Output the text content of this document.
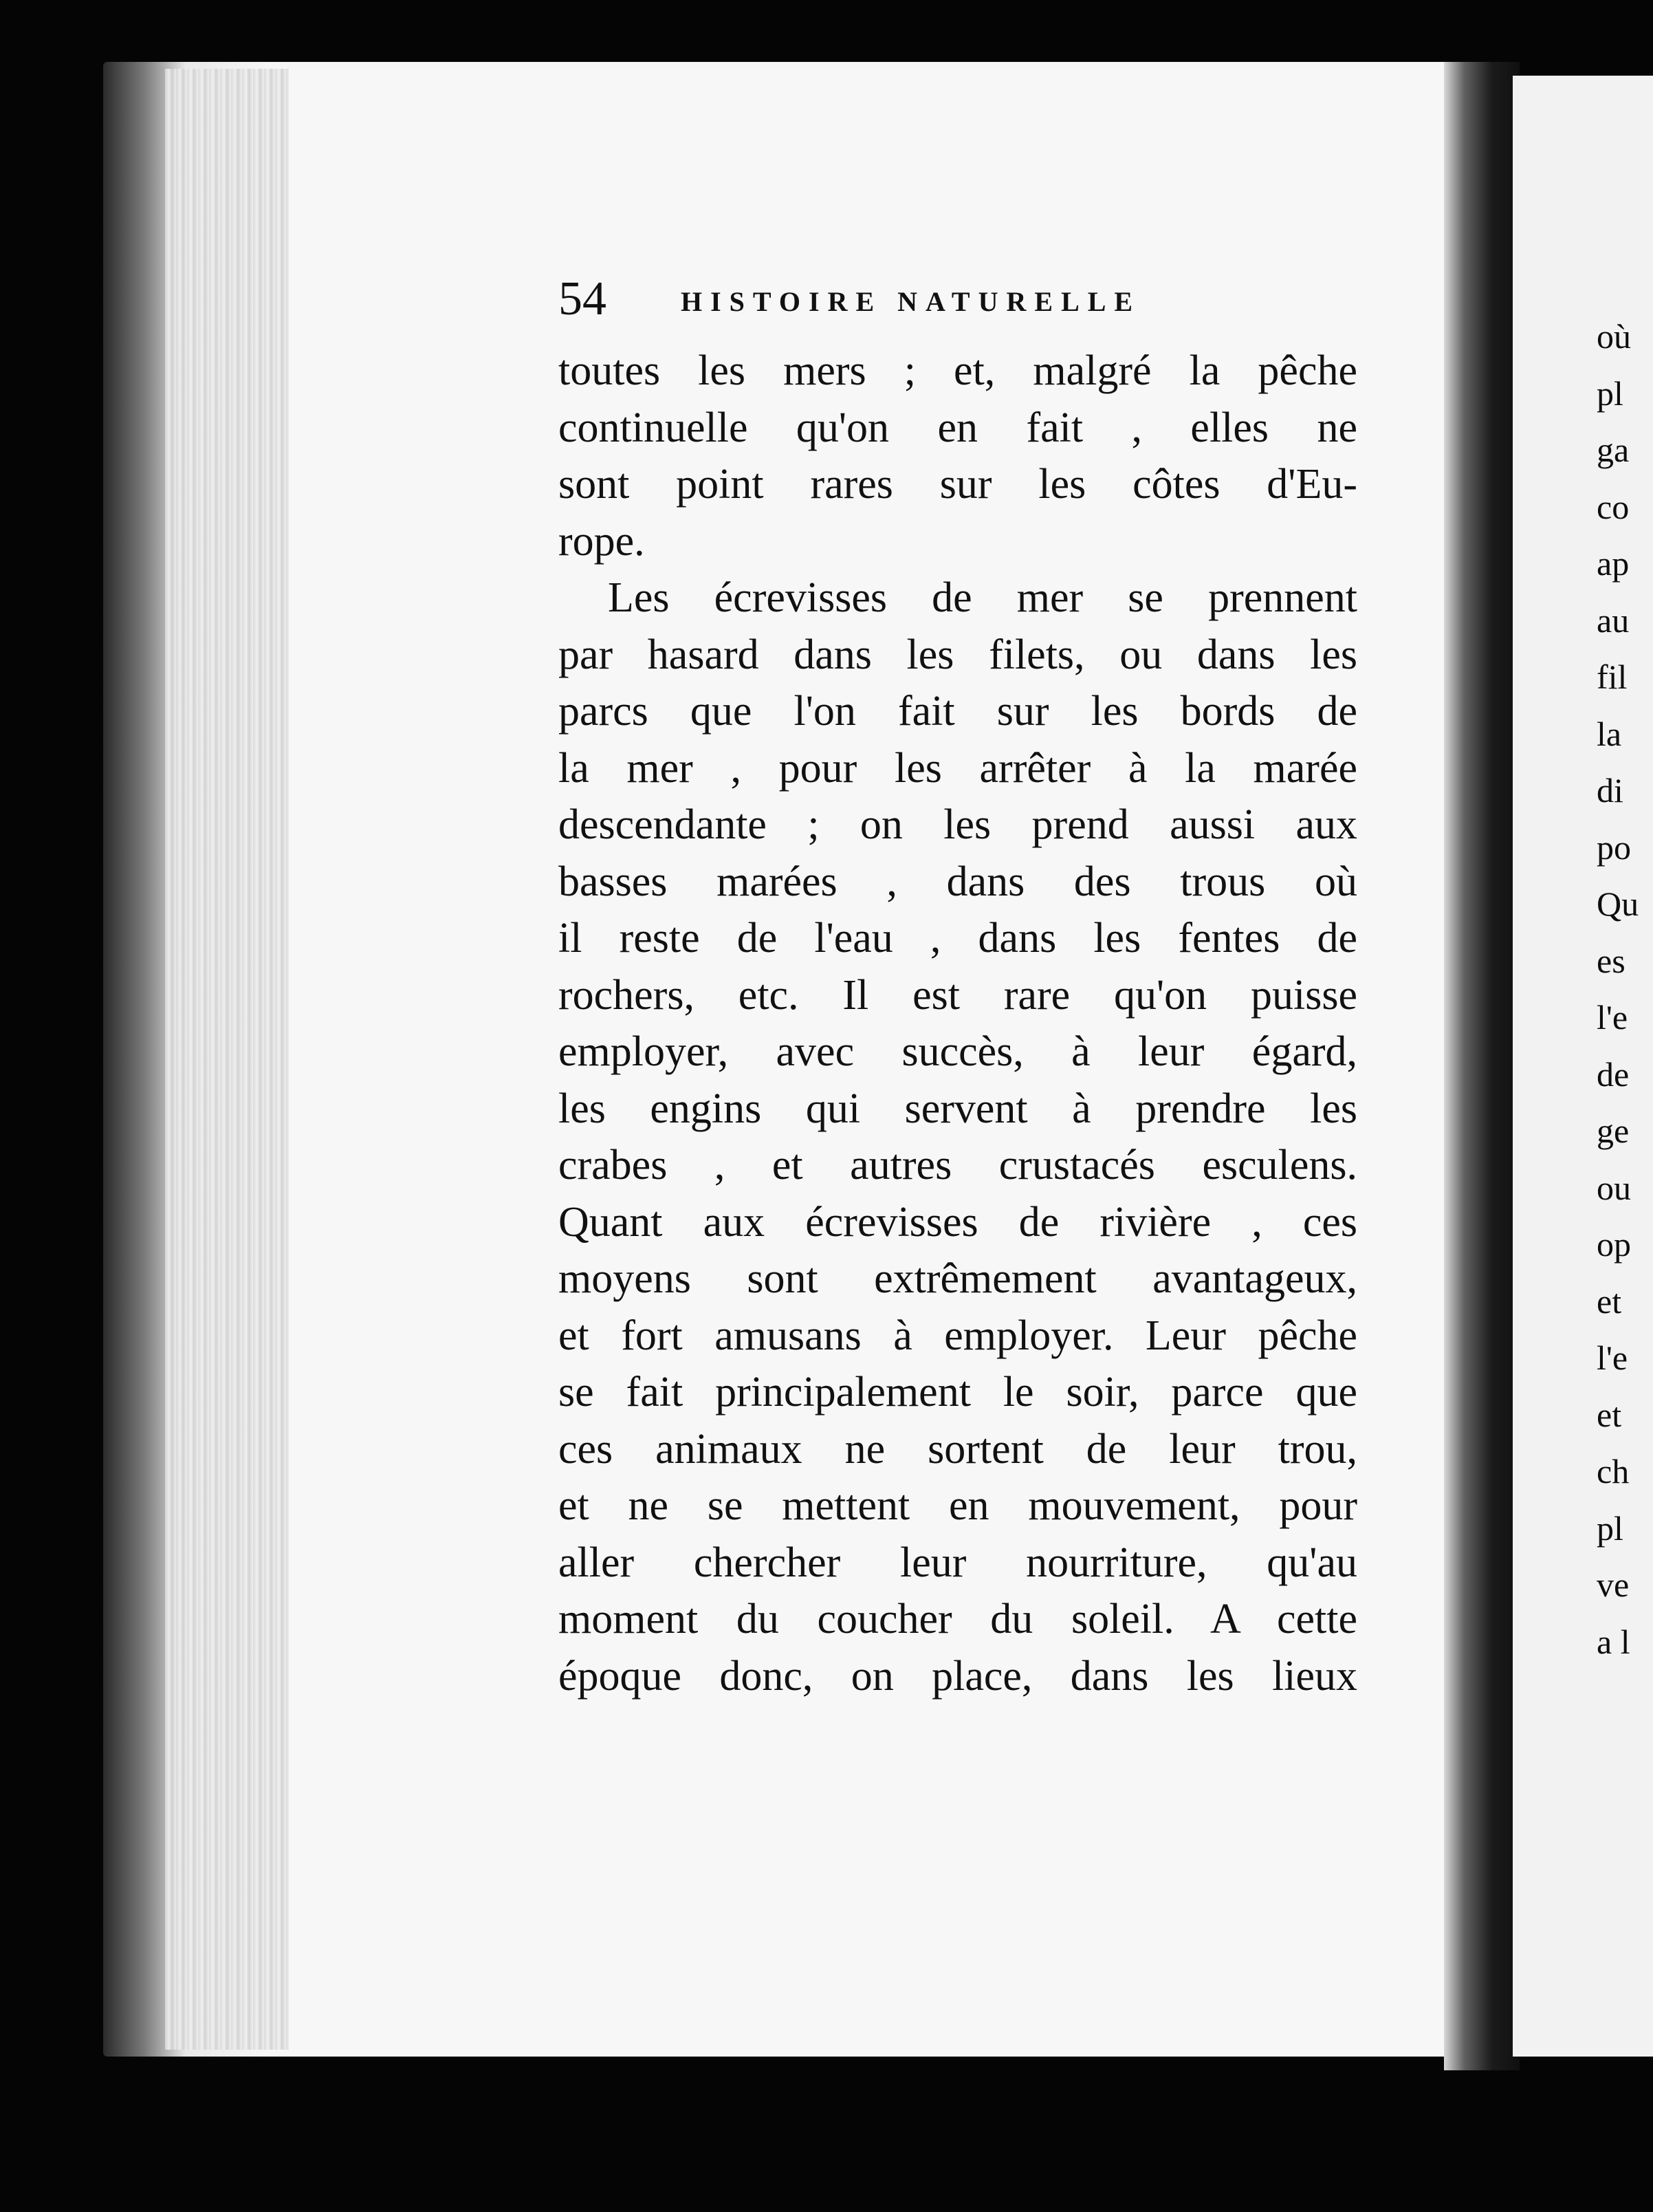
54	HISTOIRE NATURELLE
toutes les mers ; et, malgré la pêche
continuelle qu'on en fait , elles ne
sont point rares sur les côtes d'Eu-
rope.
Les écrevisses de mer se prennent
par hasard dans les filets, ou dans les
parcs que l'on fait sur les bords de
la mer , pour les arrêter à la marée
descendante ; on les prend aussi aux
basses marées , dans des trous où
il reste de l'eau , dans les fentes de
rochers, etc. Il est rare qu'on puisse
employer, avec succès, à leur égard,
les engins qui servent à prendre les
crabes , et autres crustacés esculens.
Quant aux écrevisses de rivière , ces
moyens sont extrêmement avantageux,
et fort amusans à employer. Leur pêche
se fait principalement le soir, parce que
ces animaux ne sortent de leur trou,
et ne se mettent en mouvement, pour
aller chercher leur nourriture, qu'au
moment du coucher du soleil. A cette
époque donc, on place, dans les lieux
où
pl
ga
co
ap
au
fil
la
di
po
Qu
es
l'e
de
ge
ou
op
et
l'e
et
ch
pl
ve
a l
